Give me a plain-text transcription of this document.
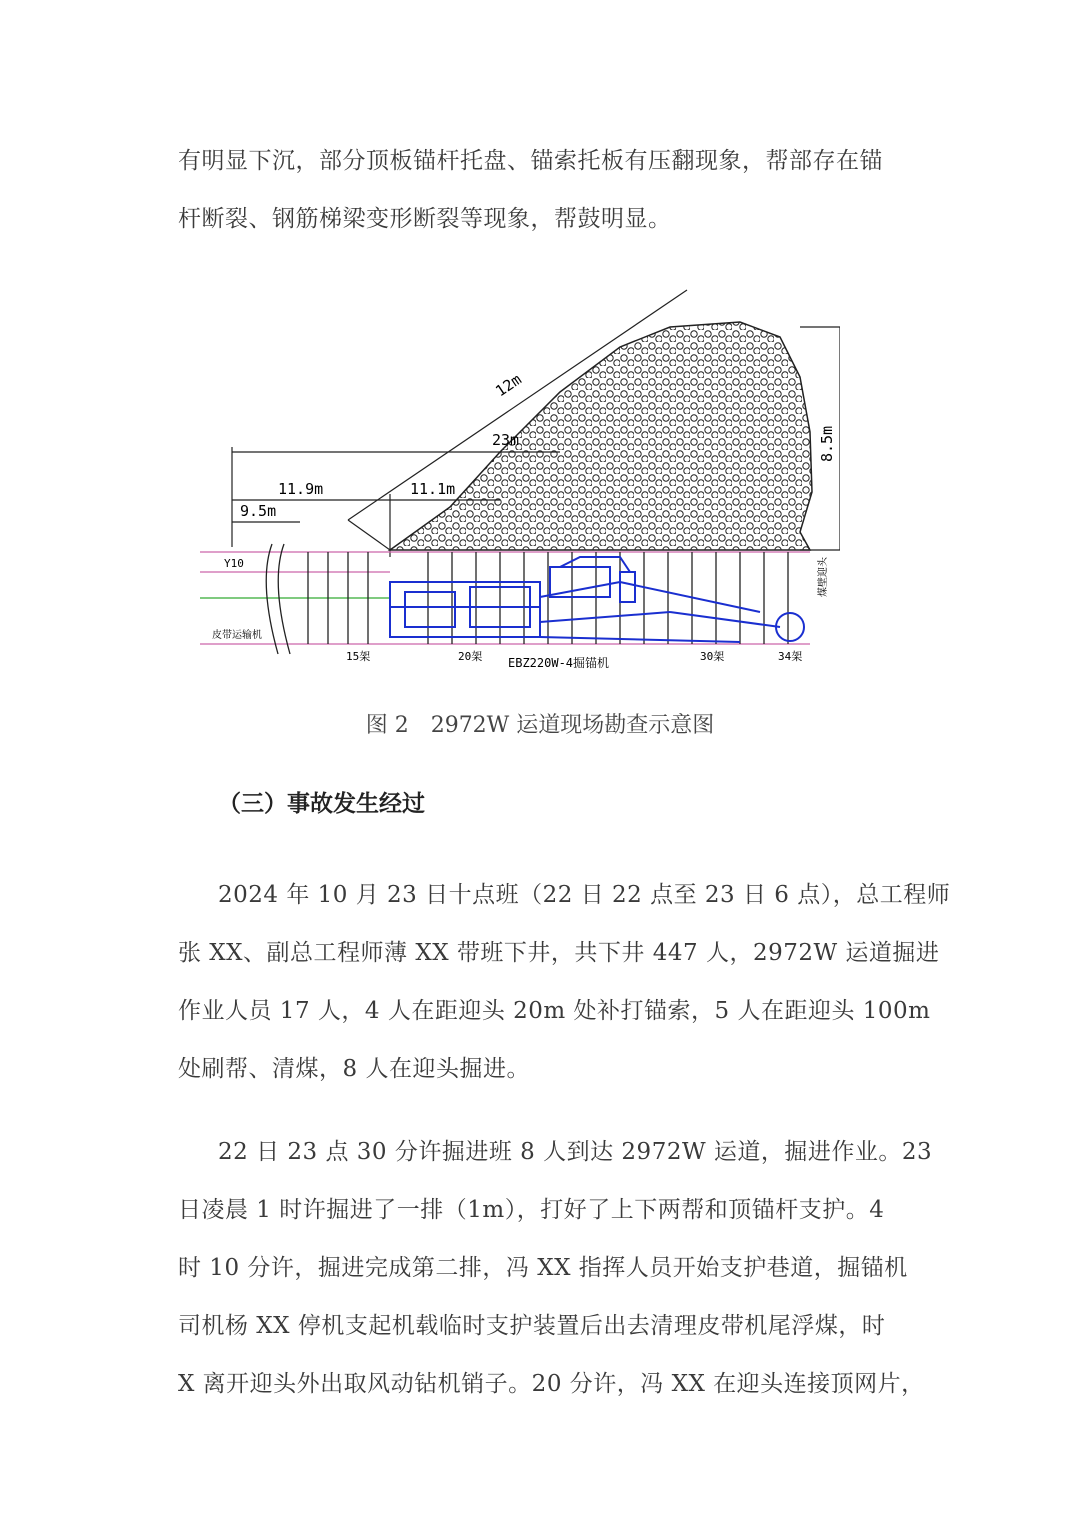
有明显下沉，部分顶板锚杆托盘、锚索托板有压翻现象，帮部存在锚
杆断裂、钢筋梯梁变形断裂等现象，帮鼓明显。
12m
23m
11.9m	11.1m
9.5m
8.5m
Y10
皮带运输机
煤壁迎头
EBZ220W-4掘锚机
15架	20架	30架	34架
图 2　2972W 运道现场勘查示意图
（三）事故发生经过
2024 年 10 月 23 日十点班（22 日 22 点至 23 日 6 点），总工程师
张 XX、副总工程师薄 XX 带班下井，共下井 447 人，2972W 运道掘进
作业人员 17 人，4 人在距迎头 20m 处补打锚索，5 人在距迎头 100m
处刷帮、清煤，8 人在迎头掘进。
22 日 23 点 30 分许掘进班 8 人到达 2972W 运道，掘进作业。23
日凌晨 1 时许掘进了一排（1m），打好了上下两帮和顶锚杆支护。4
时 10 分许，掘进完成第二排，冯 XX 指挥人员开始支护巷道，掘锚机
司机杨 XX 停机支起机载临时支护装置后出去清理皮带机尾浮煤，时
X 离开迎头外出取风动钻机销子。20 分许，冯 XX 在迎头连接顶网片，
